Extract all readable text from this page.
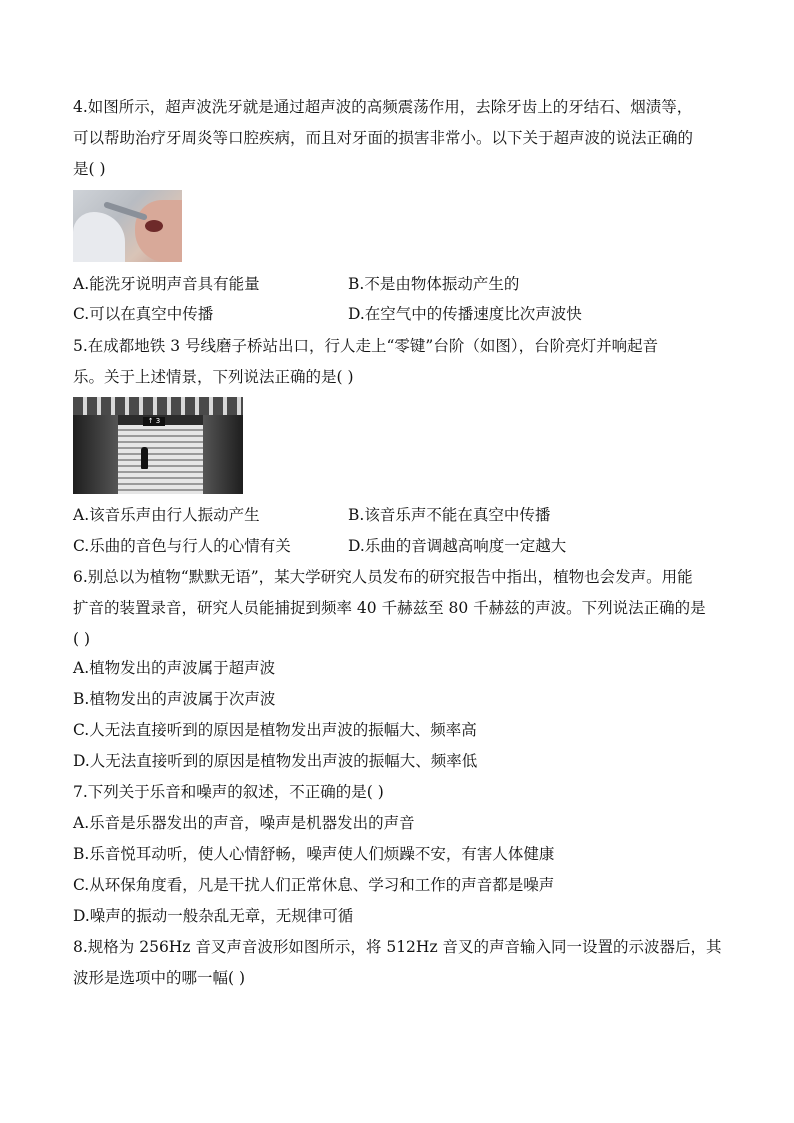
4.如图所示，超声波洗牙就是通过超声波的高频震荡作用，去除牙齿上的牙结石、烟渍等，
可以帮助治疗牙周炎等口腔疾病，而且对牙面的损害非常小。以下关于超声波的说法正确的
是( )
A.能洗牙说明声音具有能量	B.不是由物体振动产生的
C.可以在真空中传播	D.在空气中的传播速度比次声波快
5.在成都地铁 3 号线磨子桥站出口，行人走上“零键”台阶（如图），台阶亮灯并响起音
乐。关于上述情景，下列说法正确的是( )
↑ 3
A.该音乐声由行人振动产生	B.该音乐声不能在真空中传播
C.乐曲的音色与行人的心情有关	D.乐曲的音调越高响度一定越大
6.别总以为植物“默默无语”，某大学研究人员发布的研究报告中指出，植物也会发声。用能
扩音的装置录音，研究人员能捕捉到频率 40 千赫兹至 80 千赫兹的声波。下列说法正确的是
( )
A.植物发出的声波属于超声波
B.植物发出的声波属于次声波
C.人无法直接听到的原因是植物发出声波的振幅大、频率高
D.人无法直接听到的原因是植物发出声波的振幅大、频率低
7.下列关于乐音和噪声的叙述，不正确的是( )
A.乐音是乐器发出的声音，噪声是机器发出的声音
B.乐音悦耳动听，使人心情舒畅，噪声使人们烦躁不安，有害人体健康
C.从环保角度看，凡是干扰人们正常休息、学习和工作的声音都是噪声
D.噪声的振动一般杂乱无章，无规律可循
8.规格为 256Hz 音叉声音波形如图所示，将 512Hz 音叉的声音输入同一设置的示波器后，其
波形是选项中的哪一幅( )
